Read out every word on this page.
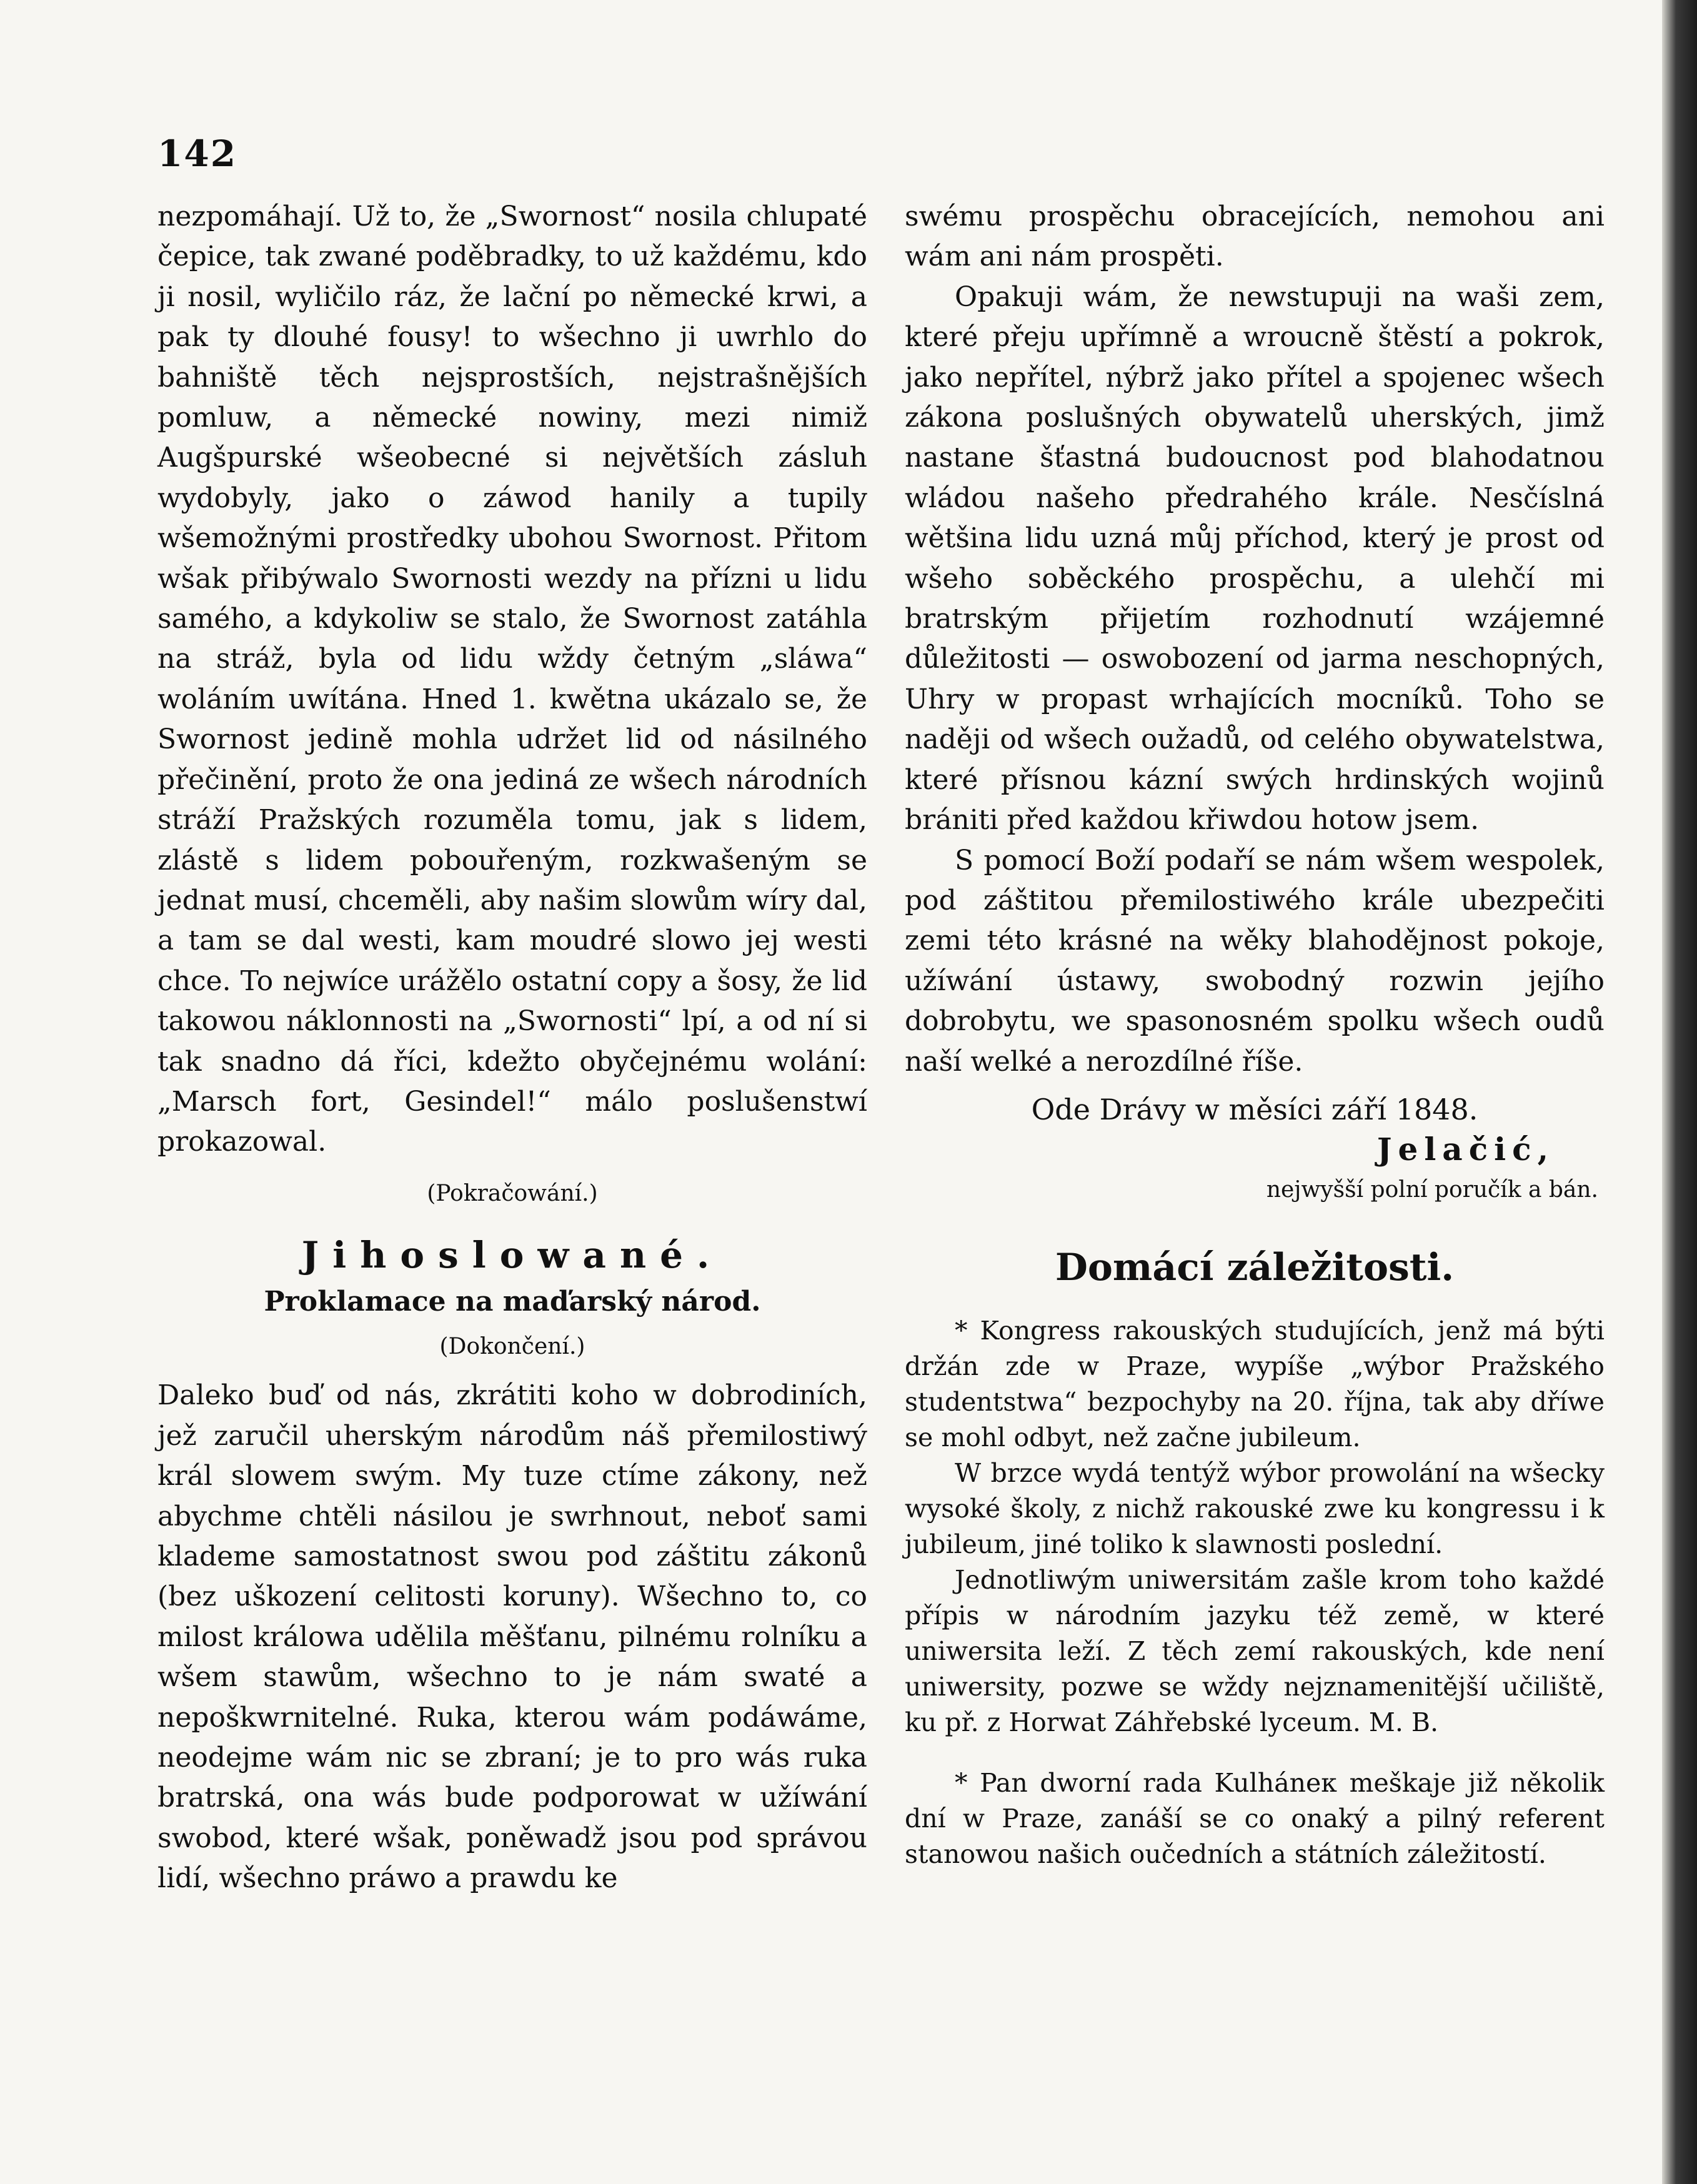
142

nezpomáhají. Už to, že „Swornost“ nosila chlupaté čepice, tak zwané poděbradky, to už každému, kdo ji nosil, wyličilo ráz, že lační po německé krwi, a pak ty dlouhé fousy! to wšechno ji uwrhlo do bahniště těch nejsprostších, nejstrašnějších pomluw, a německé nowiny, mezi nimiž Augšpurské wšeobecné si největších zásluh wydobyly, jako o záwod hanily a tupily wšemožnými prostředky ubohou Swornost. Přitom wšak přibýwalo Swornosti wezdy na přízni u lidu samého, a kdykoliw se stalo, že Swornost zatáhla na stráž, byla od lidu wždy četným „sláwa“ woláním uwítána. Hned 1. kwětna ukázalo se, že Swornost jedině mohla udržet lid od násilného přečinění, proto že ona jediná ze wšech národních stráží Pražských rozuměla tomu, jak s lidem, zlástě s lidem pobouřeným, rozkwašeným se jednat musí, chceměli, aby našim slowům wíry dal, a tam se dal westi, kam moudré slowo jej westi chce. To nejwíce urážělo ostatní copy a šosy, že lid takowou náklonnosti na „Swornosti“ lpí, a od ní si tak snadno dá říci, kdežto obyčejnému wolání: „Marsch fort, Gesindel!“ málo poslušenstwí prokazowal.

(Pokračowání.)

Jihoslowané.

Proklamace na maďarský národ.

(Dokončení.)

Daleko buď od nás, zkrátiti koho w dobrodiních, jež zaručil uherským národům náš přemilostiwý král slowem swým. My tuze ctíme zákony, než abychme chtěli násilou je swrhnout, neboť sami klademe samostatnost swou pod záštitu zákonů (bez uškození celitosti koruny). Wšechno to, co milost králowa udělila měšťanu, pilnému rolníku a wšem stawům, wšechno to je nám swaté a nepoškwrnitelné. Ruka, kterou wám podáwáme, neodejme wám nic se zbraní; je to pro wás ruka bratrská, ona wás bude podporowat w užíwání swobod, které wšak, poněwadž jsou pod správou lidí, wšechno práwo a prawdu ke

swému prospěchu obracejících, nemohou ani wám ani nám prospěti.

Opakuji wám, že newstupuji na waši zem, které přeju upřímně a wroucně štěstí a pokrok, jako nepřítel, nýbrž jako přítel a spojenec wšech zákona poslušných obywatelů uherských, jimž nastane šťastná budoucnost pod blahodatnou wládou našeho předrahého krále. Nesčíslná wětšina lidu uzná můj příchod, který je prost od wšeho soběckého prospěchu, a ulehčí mi bratrským přijetím rozhodnutí wzájemné důležitosti — oswobození od jarma neschopných, Uhry w propast wrhajících mocníků. Toho se naději od wšech oužadů, od celého obywatelstwa, které přísnou kázní swých hrdinských wojinů brániti před každou křiwdou hotow jsem.

S pomocí Boží podaří se nám wšem wespolek, pod záštitou přemilostiwého krále ubezpečiti zemi této krásné na wěky blahodějnost pokoje, užíwání ústawy, swobodný rozwin jejího dobrobytu, we spasonosném spolku wšech oudů naší welké a nerozdílné říše.

Ode Drávy w měsíci září 1848.

Jelačić,

nejwyšší polní poručík a bán.

Domácí záležitosti.

* Kongress rakouských studujících, jenž má býti držán zde w Praze, wypíše „wýbor Pražského studentstwa“ bezpochyby na 20. října, tak aby dříwe se mohl odbyt, než začne jubileum.

W brzce wydá tentýž wýbor prowolání na wšecky wysoké školy, z nichž rakouské zwe ku kongressu i k jubileum, jiné toliko k slawnosti poslední.

Jednotliwým uniwersitám zašle krom toho každé přípis w národním jazyku též země, w které uniwersita leží. Z těch zemí rakouských, kde není uniwersity, pozwe se wždy nejznamenitější učiliště, ku př. z Horwat Záhřebské lyceum. M. B.

* Pan dworní rada Kulháneк meškaje již několik dní w Praze, zanáší se co onaký a pilný referent stanowou našich oučedních a státních záležitostí.
